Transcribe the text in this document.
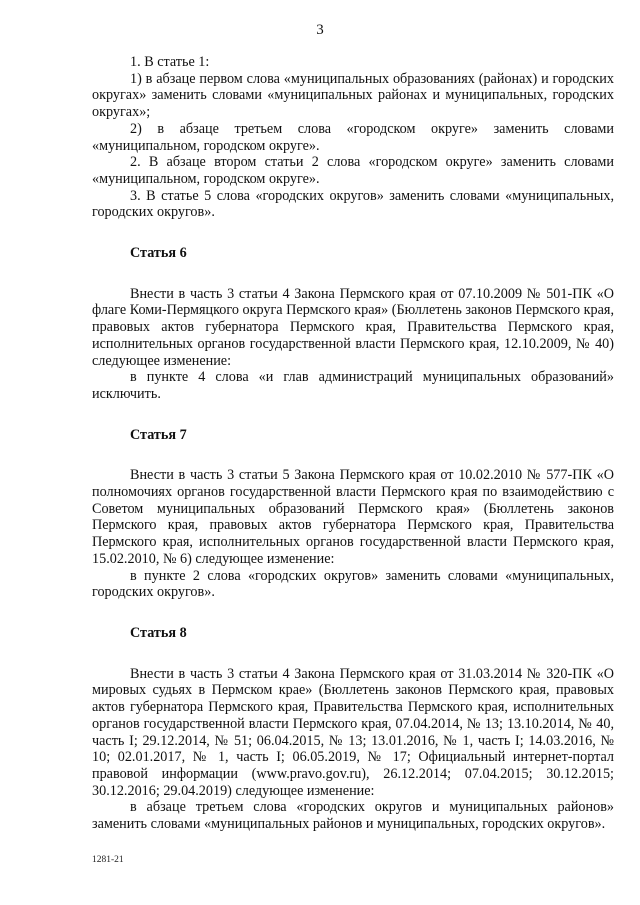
3

1. В статье 1:

1) в абзаце первом слова «муниципальных образованиях (районах) и городских округах» заменить словами «муниципальных районах и муниципальных, городских округах»;

2) в абзаце третьем слова «городском округе» заменить словами «муниципальном, городском округе».

2. В абзаце втором статьи 2 слова «городском округе» заменить словами «муниципальном, городском округе».

3. В статье 5 слова «городских округов» заменить словами «муниципальных, городских округов».

Статья 6

Внести в часть 3 статьи 4 Закона Пермского края от 07.10.2009 № 501-ПК «О флаге Коми-Пермяцкого округа Пермского края» (Бюллетень законов Пермского края, правовых актов губернатора Пермского края, Правительства Пермского края, исполнительных органов государственной власти Пермского края, 12.10.2009, № 40) следующее изменение:

в пункте 4 слова «и глав администраций муниципальных образований» исключить.

Статья 7

Внести в часть 3 статьи 5 Закона Пермского края от 10.02.2010 № 577-ПК «О полномочиях органов государственной власти Пермского края по взаимодействию с Советом муниципальных образований Пермского края» (Бюллетень законов Пермского края, правовых актов губернатора Пермского края, Правительства Пермского края, исполнительных органов государственной власти Пермского края, 15.02.2010, № 6) следующее изменение:

в пункте 2 слова «городских округов» заменить словами «муниципальных, городских округов».

Статья 8

Внести в часть 3 статьи 4 Закона Пермского края от 31.03.2014 № 320-ПК «О мировых судьях в Пермском крае» (Бюллетень законов Пермского края, правовых актов губернатора Пермского края, Правительства Пермского края, исполнительных органов государственной власти Пермского края, 07.04.2014, № 13; 13.10.2014, № 40, часть I; 29.12.2014, № 51; 06.04.2015, № 13; 13.01.2016, № 1, часть I; 14.03.2016, № 10; 02.01.2017, № 1, часть I; 06.05.2019, № 17; Официальный интернет-портал правовой информации (www.pravo.gov.ru), 26.12.2014; 07.04.2015; 30.12.2015; 30.12.2016; 29.04.2019) следующее изменение:

в абзаце третьем слова «городских округов и муниципальных районов» заменить словами «муниципальных районов и муниципальных, городских округов».

1281-21
